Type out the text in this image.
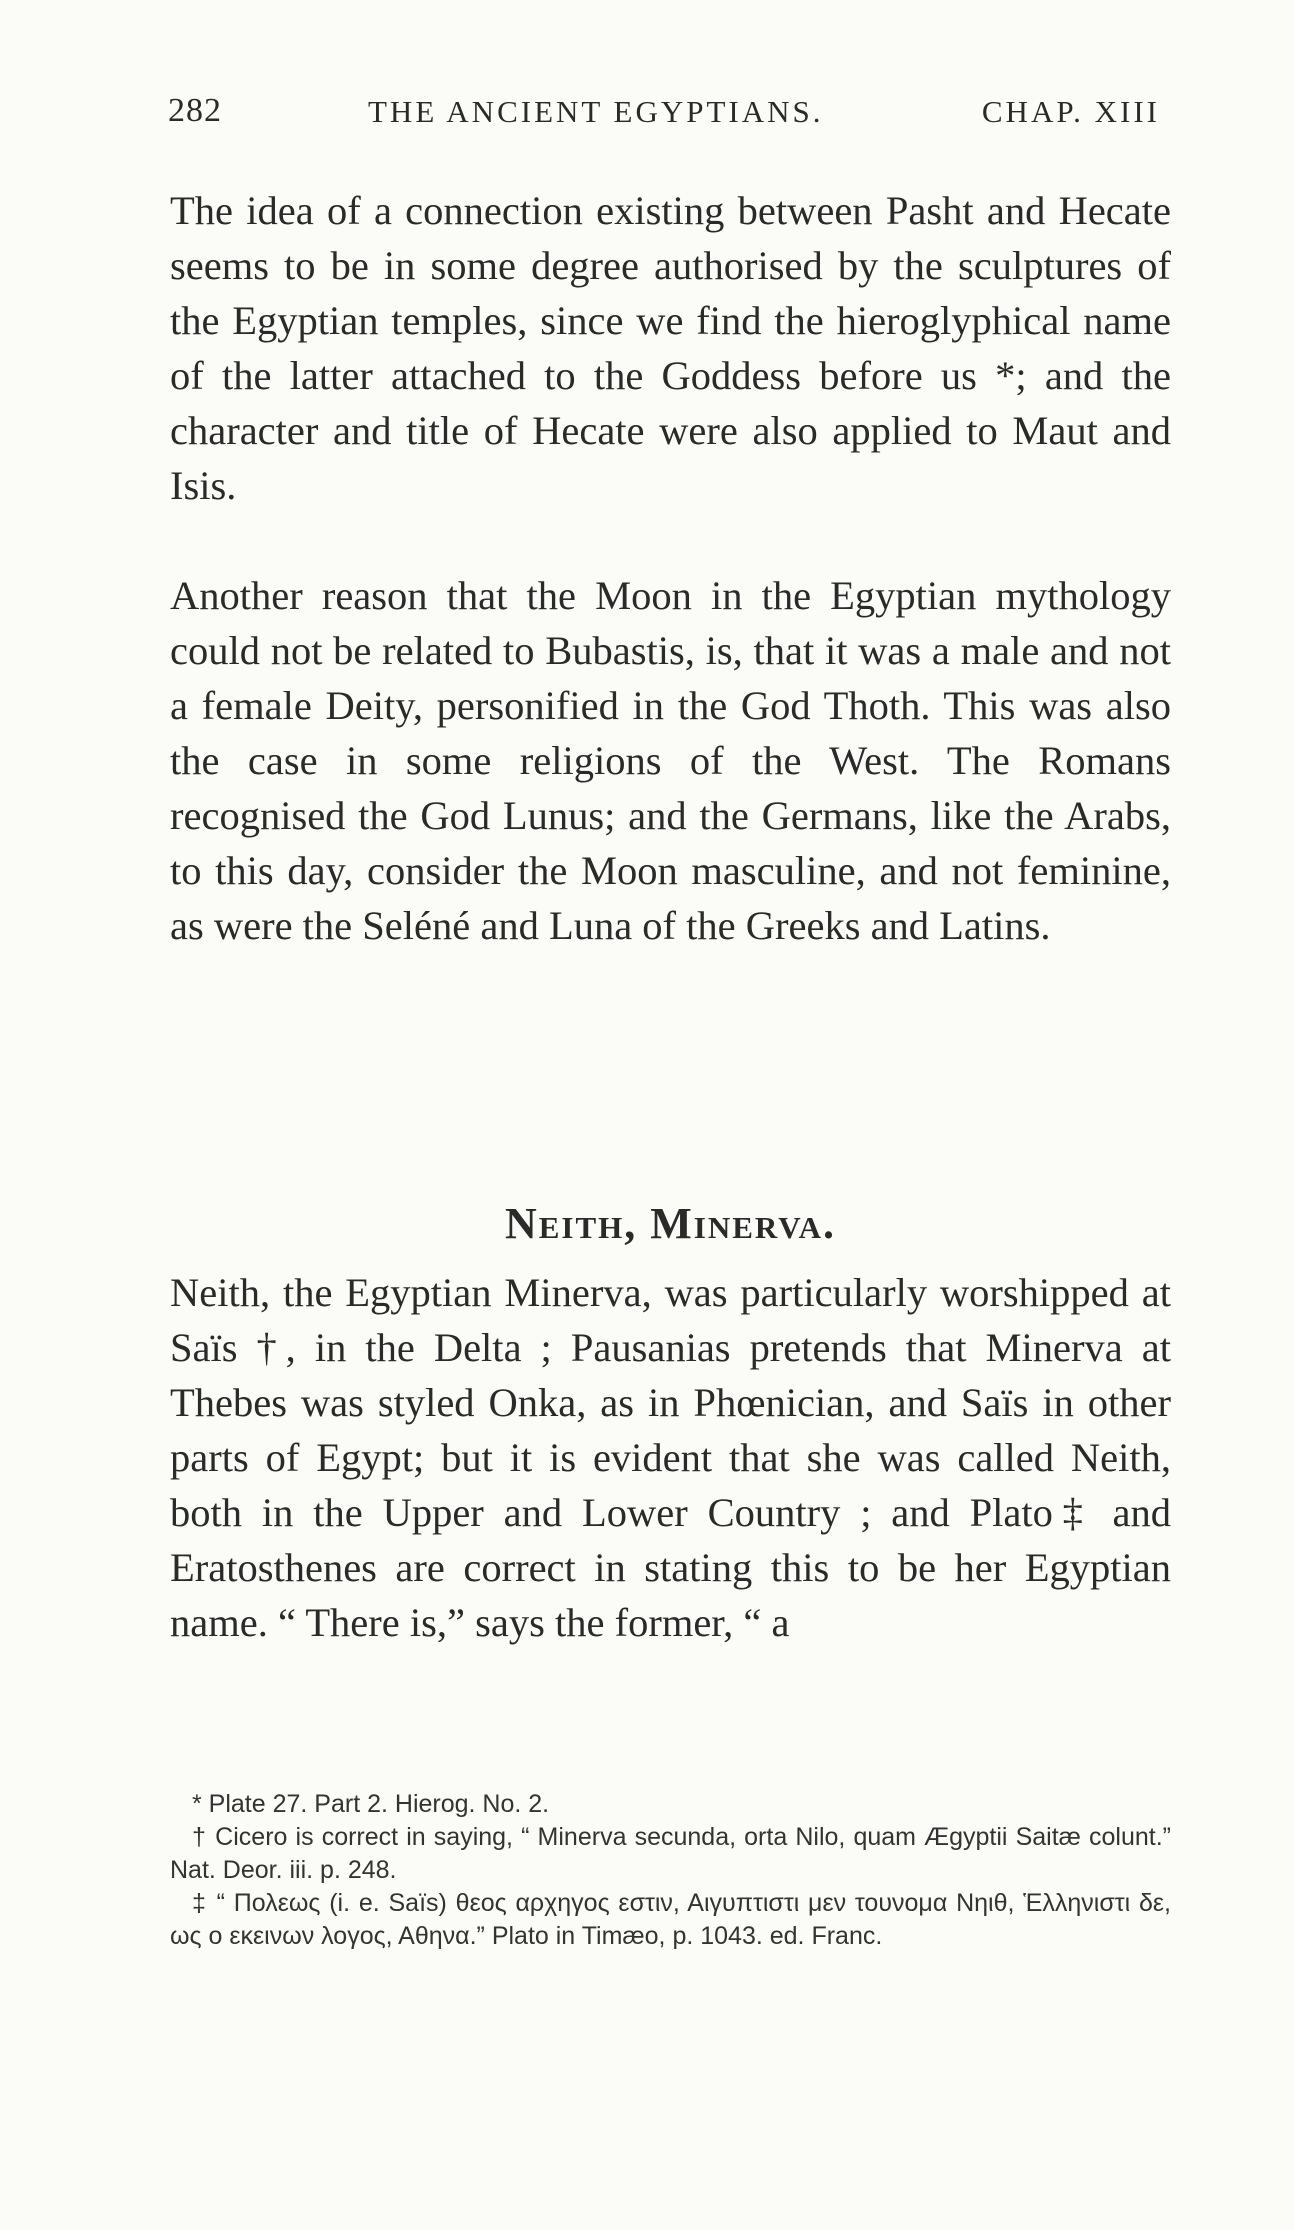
282	THE ANCIENT EGYPTIANS.	CHAP. XIII

The idea of a connection existing between Pasht and Hecate seems to be in some degree authorised by the sculptures of the Egyptian temples, since we find the hieroglyphical name of the latter attached to the Goddess before us *; and the character and title of Hecate were also applied to Maut and Isis.

Another reason that the Moon in the Egyptian mythology could not be related to Bubastis, is, that it was a male and not a female Deity, personified in the God Thoth. This was also the case in some religions of the West. The Romans recognised the God Lunus; and the Germans, like the Arabs, to this day, consider the Moon masculine, and not feminine, as were the Seléné and Luna of the Greeks and Latins.

Neith, Minerva.

Neith, the Egyptian Minerva, was particularly worshipped at Saïs †, in the Delta ; Pausanias pretends that Minerva at Thebes was styled Onka, as in Phœnician, and Saïs in other parts of Egypt; but it is evident that she was called Neith, both in the Upper and Lower Country ; and Plato‡ and Eratosthenes are correct in stating this to be her Egyptian name. “ There is,” says the former, “ a

* Plate 27. Part 2. Hierog. No. 2.

† Cicero is correct in saying, “ Minerva secunda, orta Nilo, quam Ægyptii Saitæ colunt.” Nat. Deor. iii. p. 248.

‡ “ Πολεως (i. e. Saïs) θεος αρχηγος εστιν, Αιγυπτιστι μεν τουνομα Νηιθ, Ἑλληνιστι δε, ως ο εκεινων λογος, Αθηνα.” Plato in Timæo, p. 1043. ed. Franc.
